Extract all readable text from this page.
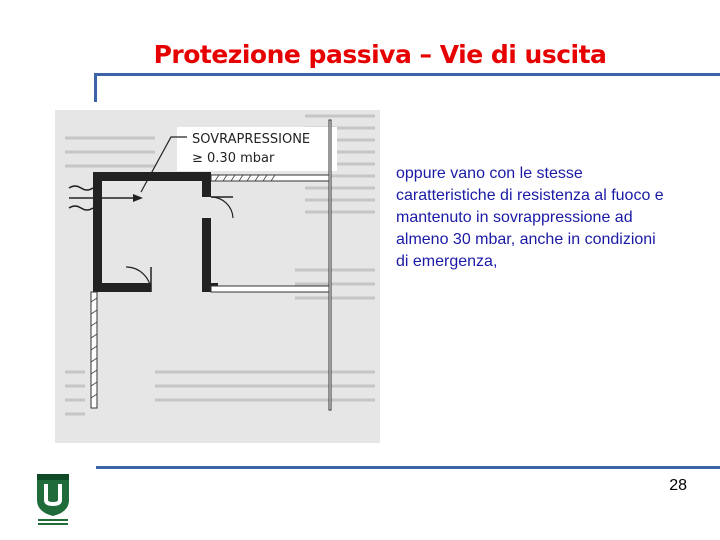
Protezione passiva – Vie di uscita
SOVRAPRESSIONE
≥ 0.30 mbar
oppure vano con le stesse caratteristiche di resistenza al fuoco e mantenuto in sovrappressione ad almeno 30 mbar, anche in condizioni di emergenza,
28
